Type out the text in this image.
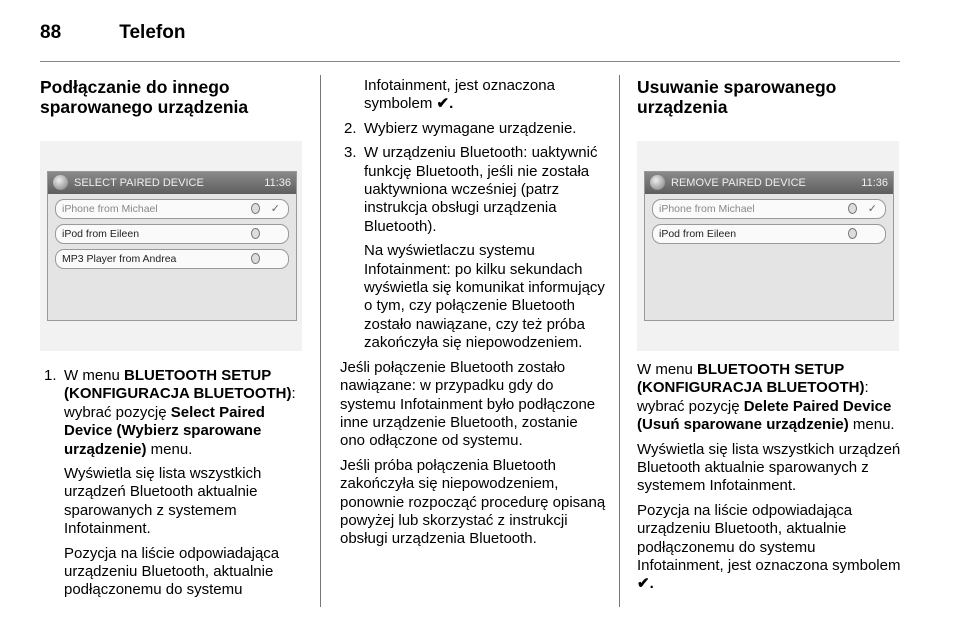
88	Telefon
Podłączanie do innego sparowanego urządzenia
SELECT PAIRED DEVICE	11:36
iPhone from Michael	✓
iPod from Eileen
MP3 Player from Andrea
1. W menu BLUETOOTH SETUP (KONFIGURACJA BLUETOOTH): wybrać pozycję Select Paired Device (Wybierz sparowane urządzenie) menu.

Wyświetla się lista wszystkich urządzeń Bluetooth aktualnie sparowanych z systemem Infotainment.

Pozycja na liście odpowiadająca urządzeniu Bluetooth, aktualnie podłączonemu do systemu

Infotainment, jest oznaczona symbolem ✔.

2. Wybierz wymagane urządzenie.

3. W urządzeniu Bluetooth: uaktywnić funkcję Bluetooth, jeśli nie została uaktywniona wcześniej (patrz instrukcja obsługi urządzenia Bluetooth).

Na wyświetlaczu systemu Infotainment: po kilku sekundach wyświetla się komunikat informujący o tym, czy połączenie Bluetooth zostało nawiązane, czy też próba zakończyła się niepowodzeniem.

Jeśli połączenie Bluetooth zostało nawiązane: w przypadku gdy do systemu Infotainment było podłączone inne urządzenie Bluetooth, zostanie ono odłączone od systemu.

Jeśli próba połączenia Bluetooth zakończyła się niepowodzeniem, ponownie rozpocząć procedurę opisaną powyżej lub skorzystać z instrukcji obsługi urządzenia Bluetooth.

Usuwanie sparowanego urządzenia
REMOVE PAIRED DEVICE	11:36
iPhone from Michael	✓
iPod from Eileen

W menu BLUETOOTH SETUP (KONFIGURACJA BLUETOOTH): wybrać pozycję Delete Paired Device (Usuń sparowane urządzenie) menu.

Wyświetla się lista wszystkich urządzeń Bluetooth aktualnie sparowanych z systemem Infotainment.

Pozycja na liście odpowiadająca urządzeniu Bluetooth, aktualnie podłączonemu do systemu Infotainment, jest oznaczona symbolem ✔.
